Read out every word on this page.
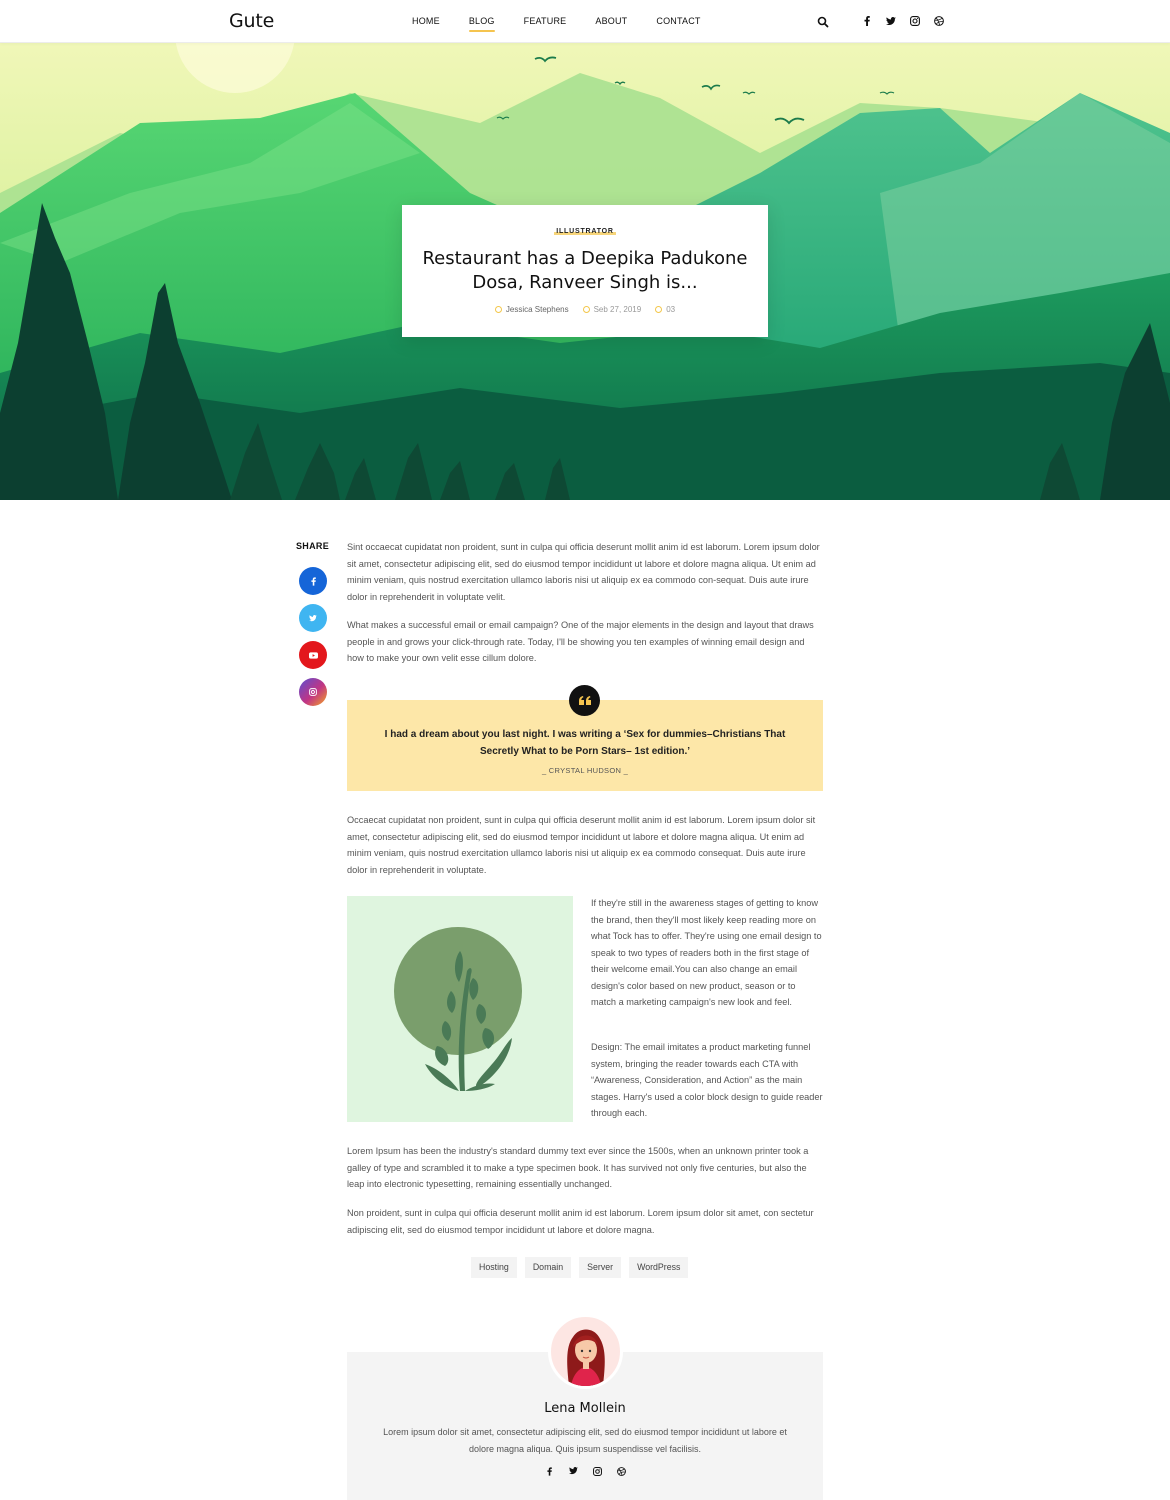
Gute	HOME	BLOG	FEATURE	ABOUT	CONTACT
ILLUSTRATOR
Restaurant has a Deepika Padukone Dosa, Ranveer Singh is...
Jessica Stephens	Seb 27, 2019	03
SHARE Sint occaecat cupidatat non proident, sunt in culpa qui officia deserunt mollit anim id est laborum. Lorem ipsum dolor sit amet, consectetur adipiscing elit, sed do eiusmod tempor incididunt ut labore et dolore magna aliqua. Ut enim ad minim veniam, quis nostrud exercitation ullamco laboris nisi ut aliquip ex ea commodo con-sequat. Duis aute irure dolor in reprehenderit in voluptate velit.

What makes a successful email or email campaign? One of the major elements in the design and layout that draws people in and grows your click-through rate. Today, I'll be showing you ten examples of winning email design and how to make your own velit esse cillum dolore.

I had a dream about you last night. I was writing a ‘Sex for dummies–Christians That Secretly What to be Porn Stars– 1st edition.’

_ CRYSTAL HUDSON _

Occaecat cupidatat non proident, sunt in culpa qui officia deserunt mollit anim id est laborum. Lorem ipsum dolor sit amet, consectetur adipiscing elit, sed do eiusmod tempor incididunt ut labore et dolore magna aliqua. Ut enim ad minim veniam, quis nostrud exercitation ullamco laboris nisi ut aliquip ex ea commodo consequat. Duis aute irure dolor in reprehenderit in voluptate.

If they're still in the awareness stages of getting to know the brand, then they'll most likely keep reading more on what Tock has to offer. They're using one email design to speak to two types of readers both in the first stage of their welcome email.You can also change an email design's color based on new product, season or to match a marketing campaign's new look and feel.

Design: The email imitates a product marketing funnel system, bringing the reader towards each CTA with “Awareness, Consideration, and Action” as the main stages. Harry's used a color block design to guide reader through each.

Lorem Ipsum has been the industry's standard dummy text ever since the 1500s, when an unknown printer took a galley of type and scrambled it to make a type specimen book. It has survived not only five centuries, but also the leap into electronic typesetting, remaining essentially unchanged.

Non proident, sunt in culpa qui officia deserunt mollit anim id est laborum. Lorem ipsum dolor sit amet, con sectetur adipiscing elit, sed do eiusmod tempor incididunt ut labore et dolore magna.

Hosting	Domain	Server	WordPress
Lena Mollein

Lorem ipsum dolor sit amet, consectetur adipiscing elit, sed do eiusmod tempor incididunt ut labore et dolore magna aliqua. Quis ipsum suspendisse vel facilisis.
